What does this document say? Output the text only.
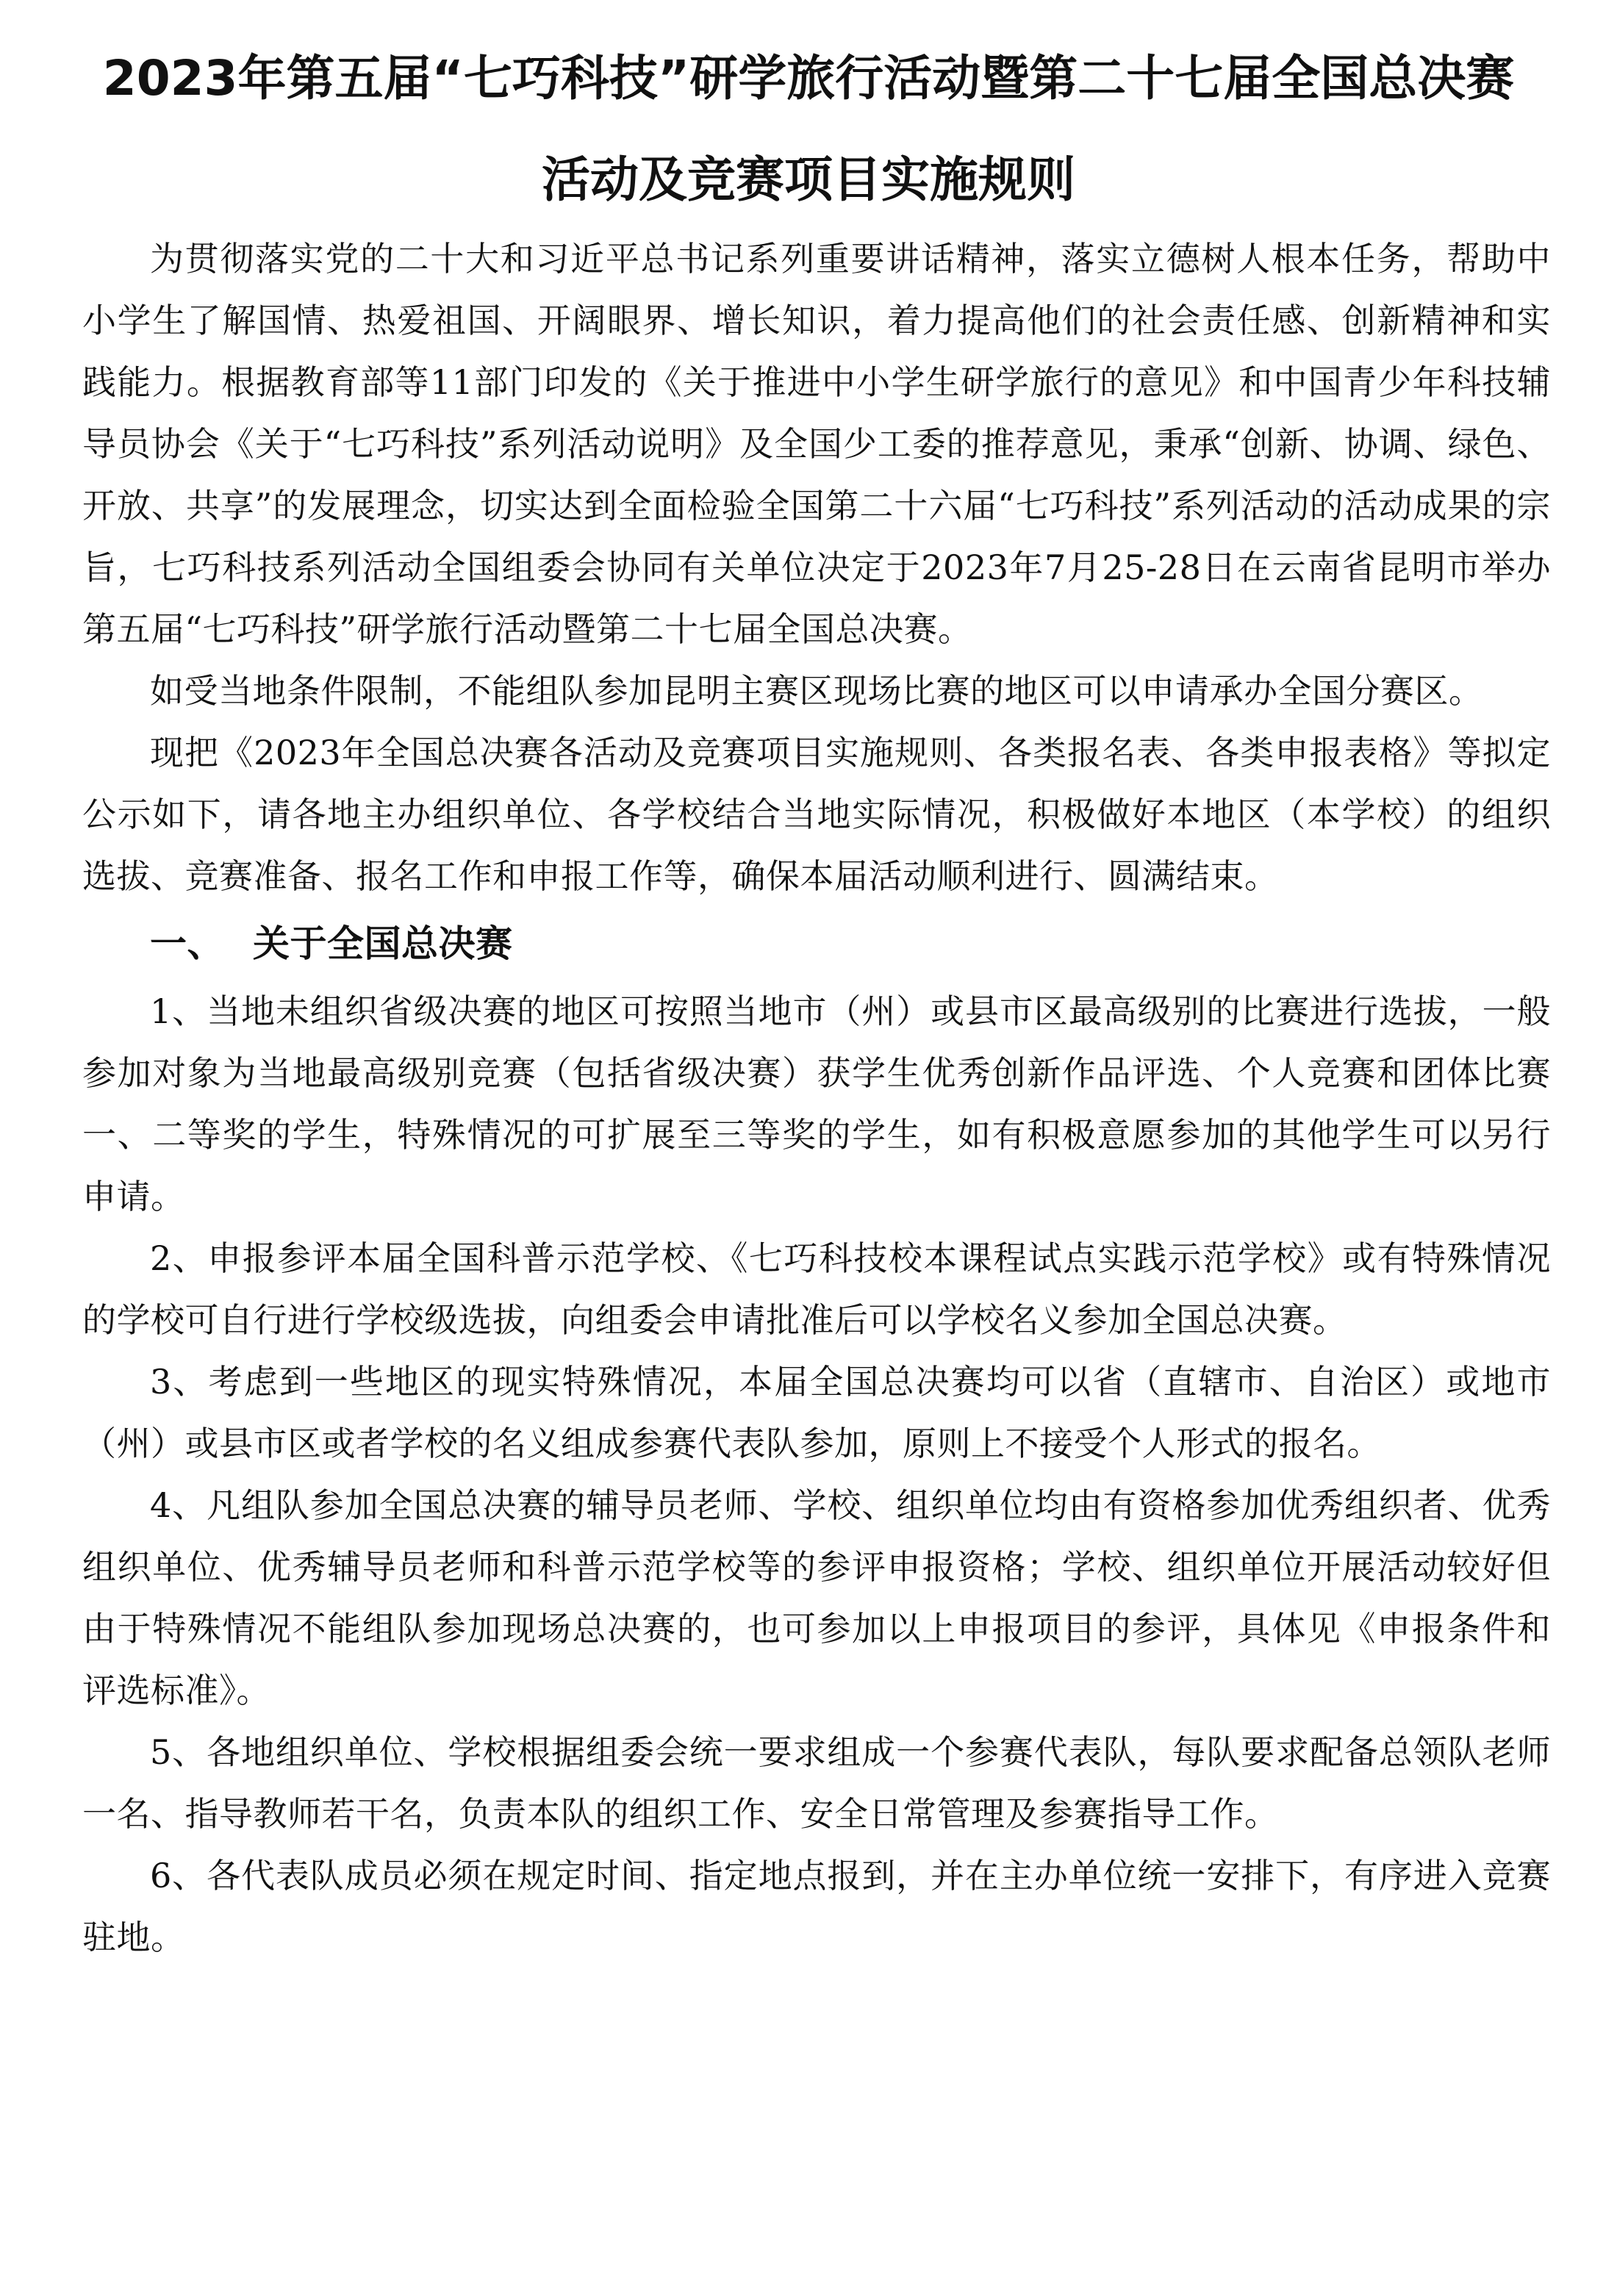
2023年第五届“七巧科技”研学旅行活动暨第二十七届全国总决赛
活动及竞赛项目实施规则

为贯彻落实党的二十大和习近平总书记系列重要讲话精神，落实立德树人根本任务，帮助中小学生了解国情、热爱祖国、开阔眼界、增长知识，着力提高他们的社会责任感、创新精神和实践能力。根据教育部等11部门印发的《关于推进中小学生研学旅行的意见》和中国青少年科技辅导员协会《关于“七巧科技”系列活动说明》及全国少工委的推荐意见，秉承“创新、协调、绿色、开放、共享”的发展理念，切实达到全面检验全国第二十六届“七巧科技”系列活动的活动成果的宗旨，七巧科技系列活动全国组委会协同有关单位决定于2023年7月25-28日在云南省昆明市举办第五届“七巧科技”研学旅行活动暨第二十七届全国总决赛。

如受当地条件限制，不能组队参加昆明主赛区现场比赛的地区可以申请承办全国分赛区。

现把《2023年全国总决赛各活动及竞赛项目实施规则、各类报名表、各类申报表格》等拟定公示如下，请各地主办组织单位、各学校结合当地实际情况，积极做好本地区（本学校）的组织选拔、竞赛准备、报名工作和申报工作等，确保本届活动顺利进行、圆满结束。

一、 关于全国总决赛

1、当地未组织省级决赛的地区可按照当地市（州）或县市区最高级别的比赛进行选拔，一般参加对象为当地最高级别竞赛（包括省级决赛）获学生优秀创新作品评选、个人竞赛和团体比赛一、二等奖的学生，特殊情况的可扩展至三等奖的学生，如有积极意愿参加的其他学生可以另行申请。

2、申报参评本届全国科普示范学校、《七巧科技校本课程试点实践示范学校》或有特殊情况的学校可自行进行学校级选拔，向组委会申请批准后可以学校名义参加全国总决赛。

3、考虑到一些地区的现实特殊情况，本届全国总决赛均可以省（直辖市、自治区）或地市（州）或县市区或者学校的名义组成参赛代表队参加，原则上不接受个人形式的报名。

4、凡组队参加全国总决赛的辅导员老师、学校、组织单位均由有资格参加优秀组织者、优秀组织单位、优秀辅导员老师和科普示范学校等的参评申报资格；学校、组织单位开展活动较好但由于特殊情况不能组队参加现场总决赛的，也可参加以上申报项目的参评，具体见《申报条件和评选标准》。

5、各地组织单位、学校根据组委会统一要求组成一个参赛代表队，每队要求配备总领队老师一名、指导教师若干名，负责本队的组织工作、安全日常管理及参赛指导工作。

6、各代表队成员必须在规定时间、指定地点报到，并在主办单位统一安排下，有序进入竞赛驻地。
